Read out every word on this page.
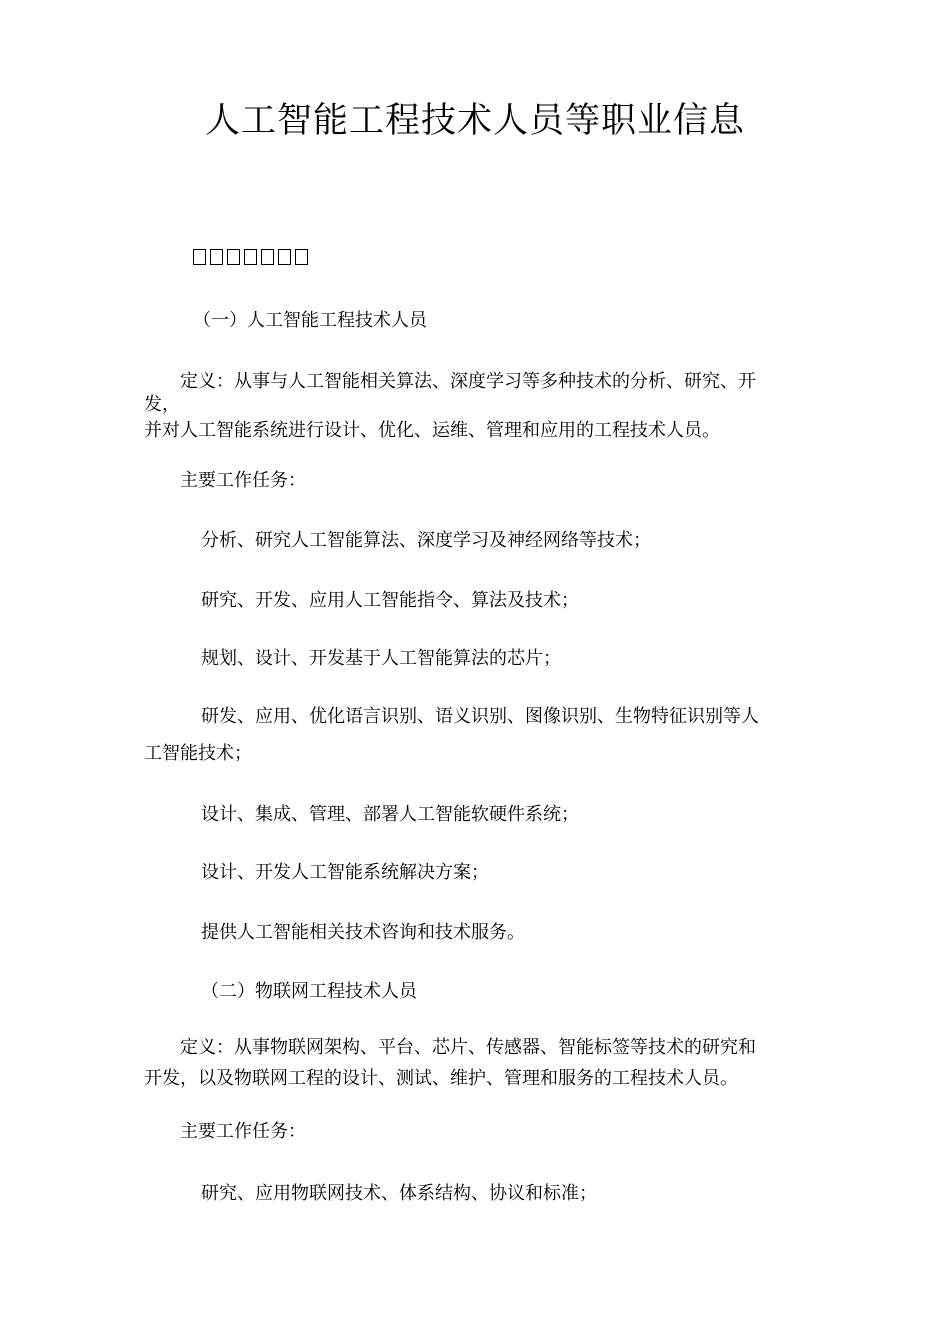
人工智能工程技术人员等职业信息
（一）人工智能工程技术人员
定义：从事与人工智能相关算法、深度学习等多种技术的分析、研究、开
发，
并对人工智能系统进行设计、优化、运维、管理和应用的工程技术人员。
主要工作任务：
分析、研究人工智能算法、深度学习及神经网络等技术；
研究、开发、应用人工智能指令、算法及技术；
规划、设计、开发基于人工智能算法的芯片；
研发、应用、优化语言识别、语义识别、图像识别、生物特征识别等人
工智能技术；
设计、集成、管理、部署人工智能软硬件系统；
设计、开发人工智能系统解决方案；
提供人工智能相关技术咨询和技术服务。
（二）物联网工程技术人员
定义：从事物联网架构、平台、芯片、传感器、智能标签等技术的研究和
开发，以及物联网工程的设计、测试、维护、管理和服务的工程技术人员。
主要工作任务：
研究、应用物联网技术、体系结构、协议和标准；
